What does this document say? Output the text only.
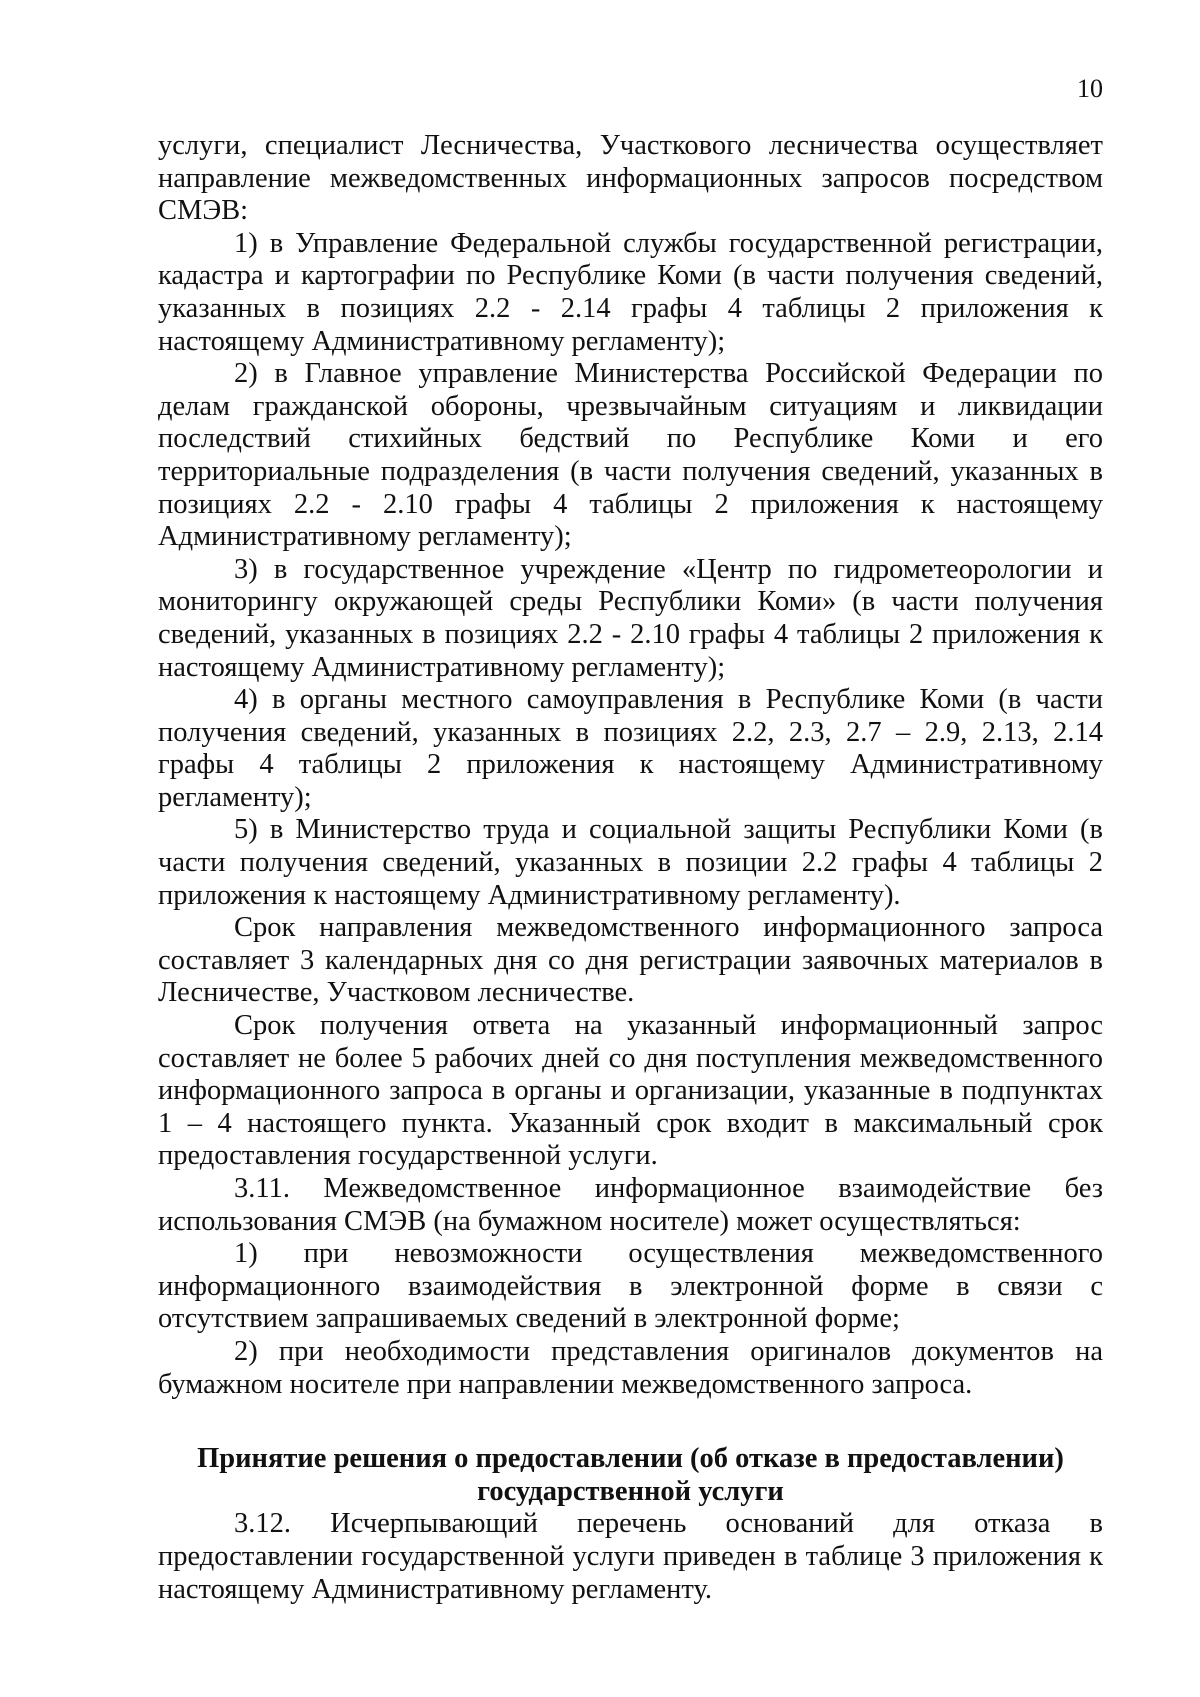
10

услуги, специалист Лесничества, Участкового лесничества осуществляет направление межведомственных информационных запросов посредством СМЭВ:

1) в Управление Федеральной службы государственной регистрации, кадастра и картографии по Республике Коми (в части получения сведений, указанных в позициях 2.2 - 2.14 графы 4 таблицы 2 приложения к настоящему Административному регламенту);

2) в Главное управление Министерства Российской Федерации по делам гражданской обороны, чрезвычайным ситуациям и ликвидации последствий стихийных бедствий по Республике Коми и его территориальные подразделения (в части получения сведений, указанных в позициях 2.2 - 2.10 графы 4 таблицы 2 приложения к настоящему Административному регламенту);

3) в государственное учреждение «Центр по гидрометеорологии и мониторингу окружающей среды Республики Коми» (в части получения сведений, указанных в позициях 2.2 - 2.10 графы 4 таблицы 2 приложения к настоящему Административному регламенту);

4) в органы местного самоуправления в Республике Коми (в части получения сведений, указанных в позициях 2.2, 2.3, 2.7 – 2.9, 2.13, 2.14 графы 4 таблицы 2 приложения к настоящему Административному регламенту);

5) в Министерство труда и социальной защиты Республики Коми (в части получения сведений, указанных в позиции 2.2 графы 4 таблицы 2 приложения к настоящему Административному регламенту).

Срок направления межведомственного информационного запроса составляет 3 календарных дня со дня регистрации заявочных материалов в Лесничестве, Участковом лесничестве.

Срок получения ответа на указанный информационный запрос составляет не более 5 рабочих дней со дня поступления межведомственного информационного запроса в органы и организации, указанные в подпунктах 1 – 4 настоящего пункта. Указанный срок входит в максимальный срок предоставления государственной услуги.

3.11. Межведомственное информационное взаимодействие без использования СМЭВ (на бумажном носителе) может осуществляться:

1) при невозможности осуществления межведомственного информационного взаимодействия в электронной форме в связи с отсутствием запрашиваемых сведений в электронной форме;

2) при необходимости представления оригиналов документов на бумажном носителе при направлении межведомственного запроса.

Принятие решения о предоставлении (об отказе в предоставлении)
государственной услуги

3.12. Исчерпывающий перечень оснований для отказа в предоставлении государственной услуги приведен в таблице 3 приложения к настоящему Административному регламенту.
